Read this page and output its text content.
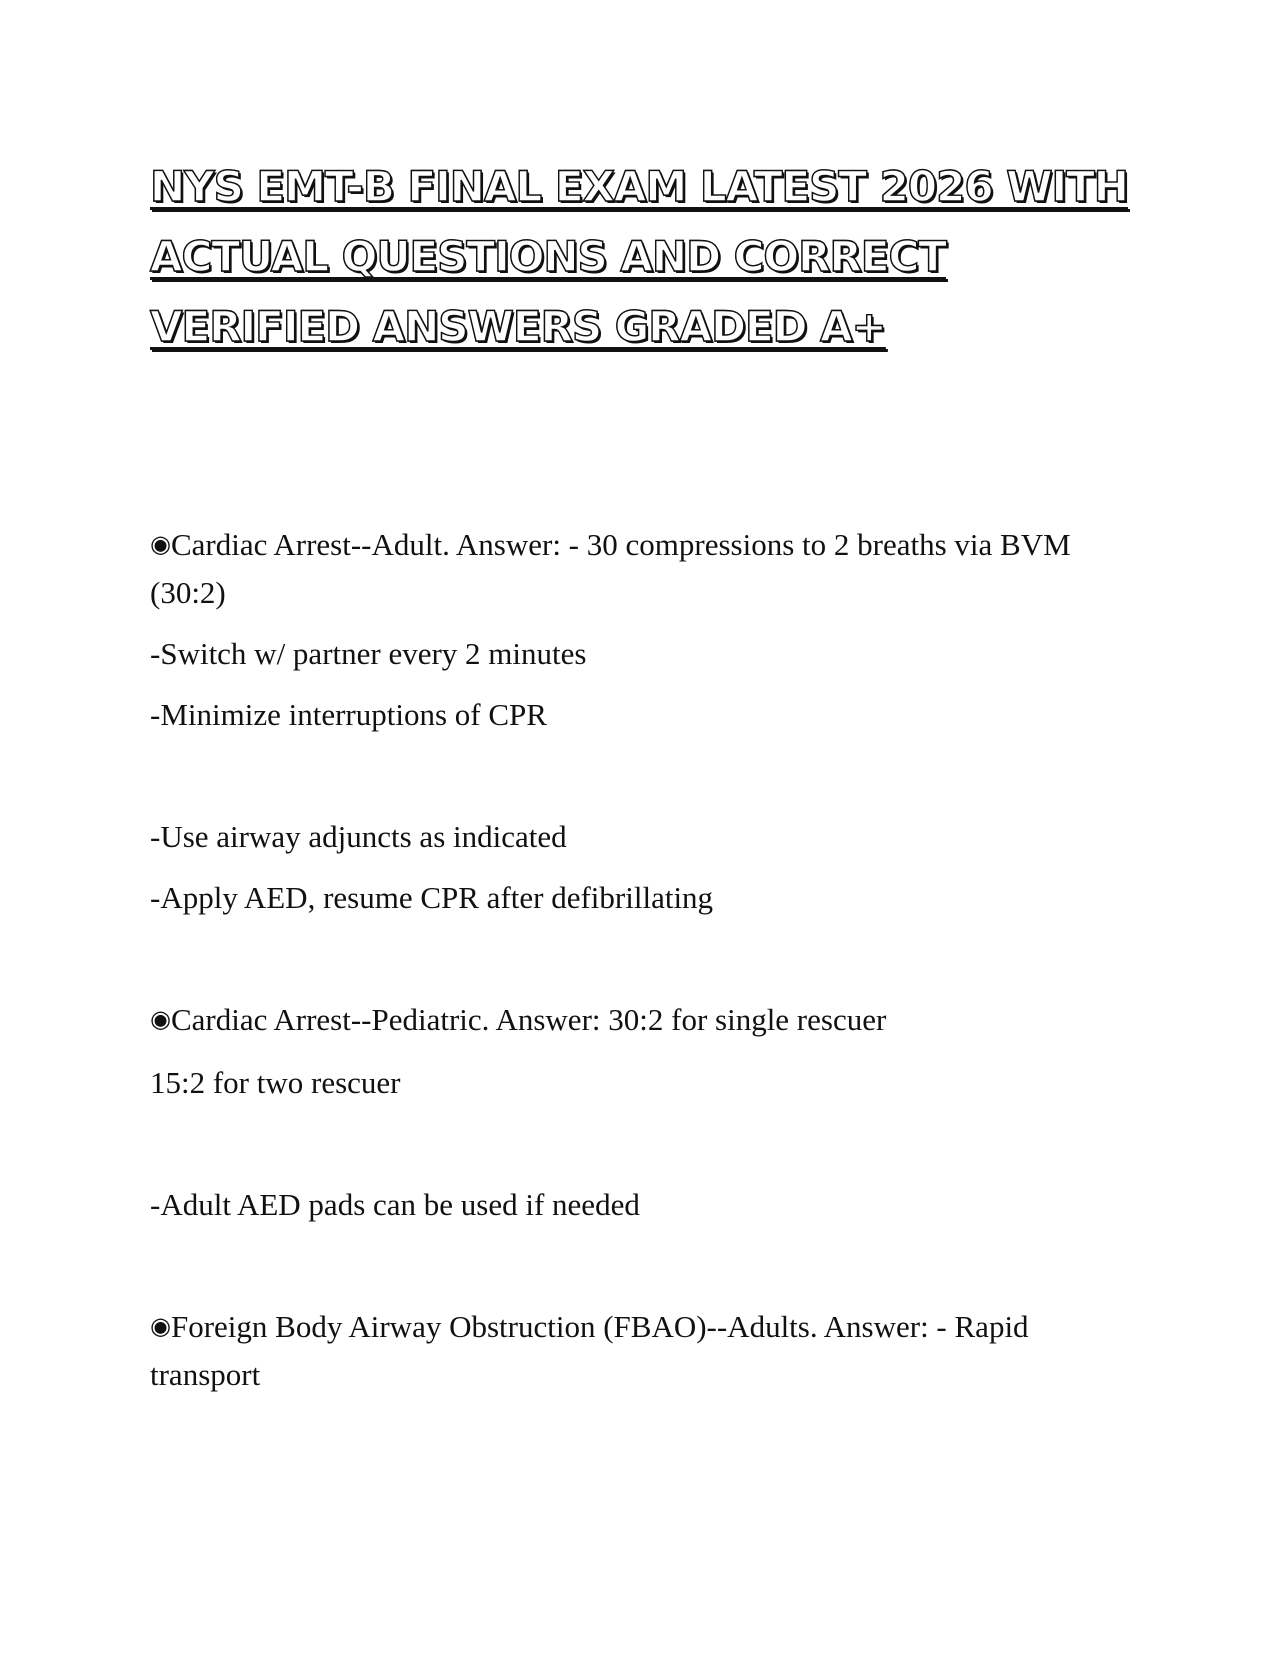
NYS EMT-B FINAL EXAM LATEST 2026 WITH ACTUAL QUESTIONS AND CORRECT VERIFIED ANSWERS GRADED A+

◉Cardiac Arrest--Adult. Answer: - 30 compressions to 2 breaths via BVM (30:2)

-Switch w/ partner every 2 minutes

-Minimize interruptions of CPR

-Use airway adjuncts as indicated

-Apply AED, resume CPR after defibrillating

◉Cardiac Arrest--Pediatric. Answer: 30:2 for single rescuer

15:2 for two rescuer

-Adult AED pads can be used if needed

◉Foreign Body Airway Obstruction (FBAO)--Adults. Answer: - Rapid transport
